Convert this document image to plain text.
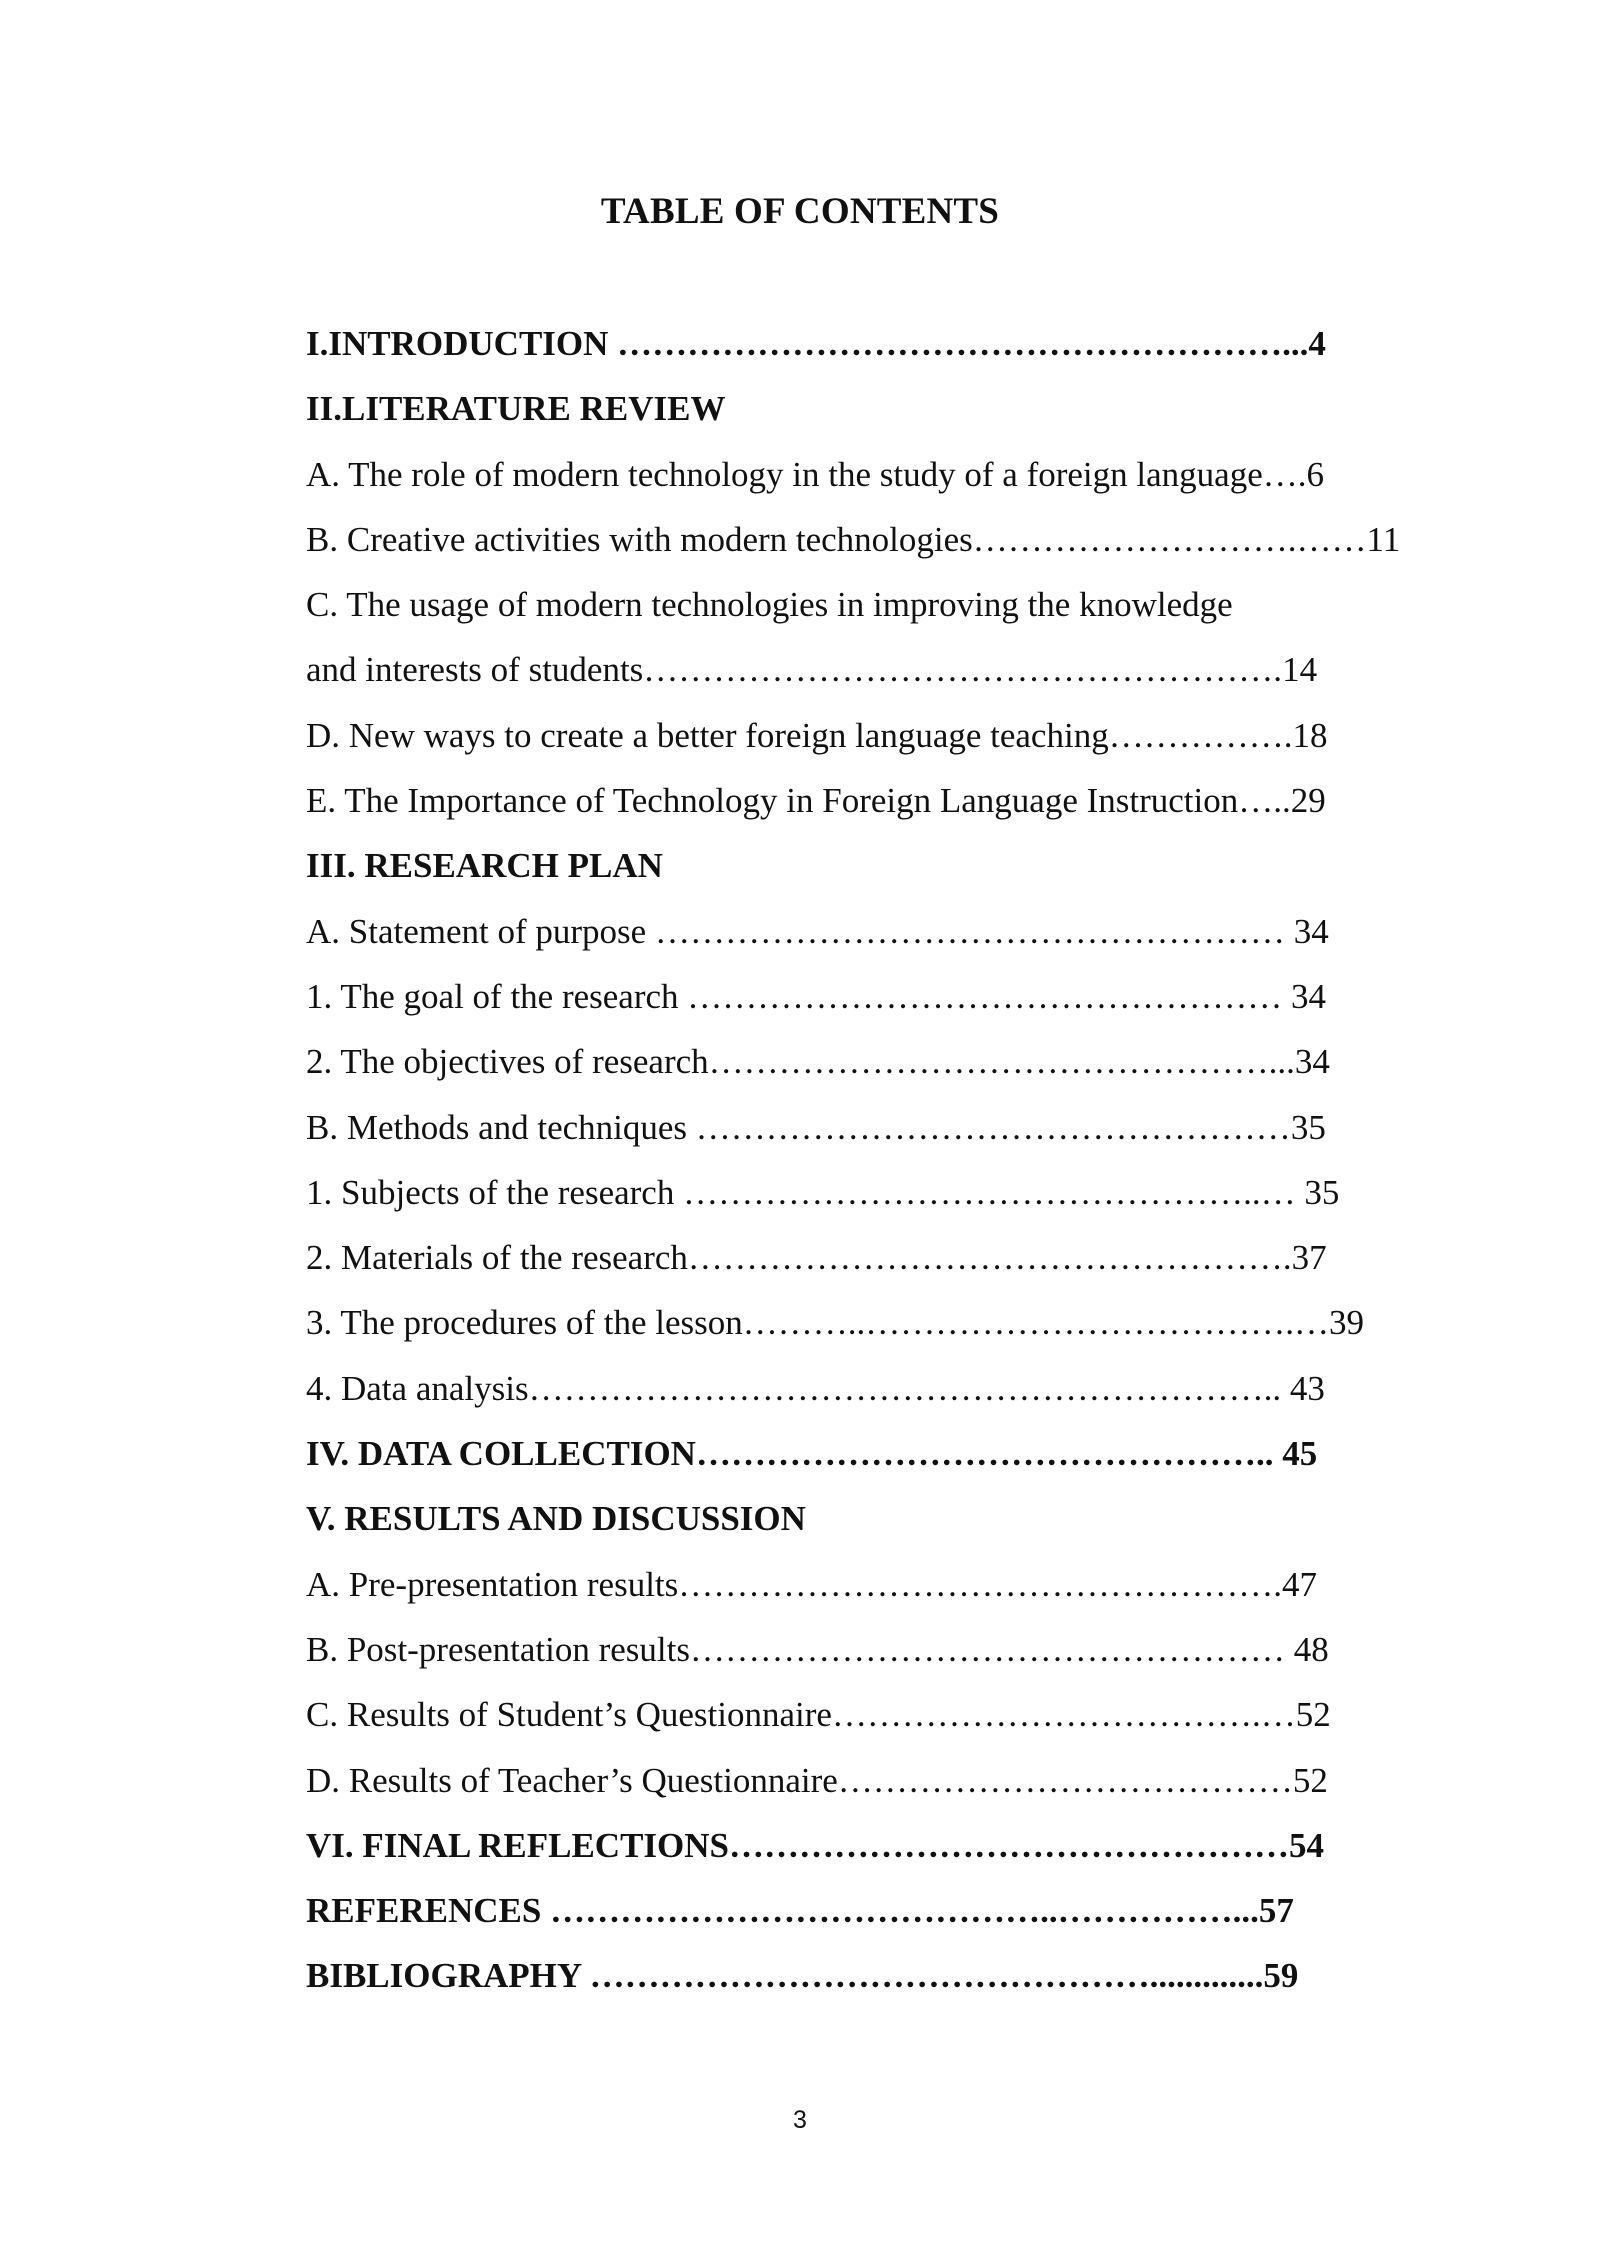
TABLE OF CONTENTS
I.INTRODUCTION …………………………………………………...4
II.LITERATURE REVIEW
A. The role of modern technology in the study of a foreign language….6
B. Creative activities with modern technologies……………………….……11
C. The usage of modern technologies in improving the knowledge
and interests of students……………………………………………….14
D. New ways to create a better foreign language teaching…………….18
E. The Importance of Technology in Foreign Language Instruction…..29
III. RESEARCH PLAN
A. Statement of purpose ……………………………………………… 34
1. The goal of the research …………………………………………… 34
2. The objectives of research…………………………………………...34
B. Methods and techniques ……………………………………………35
1. Subjects of the research …………………………………………..… 35
2. Materials of the research…………………………………………….37
3. The procedures of the lesson………..……………………………….…39
4. Data analysis……………………………………………………….. 43
IV. DATA COLLECTION………………………………………….. 45
V. RESULTS AND DISCUSSION
A. Pre-presentation results…………………………………………….47
B. Post-presentation results…………………………………………… 48
C. Results of Student’s Questionnaire……………………………….…52
D. Results of Teacher’s Questionnaire…………………………………52
VI. FINAL REFLECTIONS…………………………………………54
REFERENCES ……………………………………..……………...57
BIBLIOGRAPHY ………………………………………….............59
3
